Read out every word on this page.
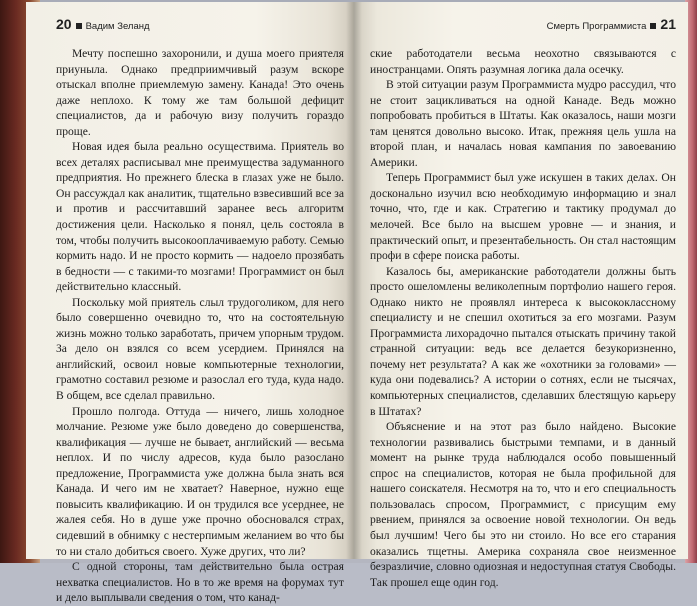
20 Вадим Зеланд

Мечту поспешно захоронили, и душа моего приятеля приуныла. Однако предприимчивый разум вскоре отыскал вполне приемлемую замену. Канада! Это очень даже неплохо. К тому же там большой дефицит специалистов, да и рабочую визу получить гораздо проще.

Новая идея была реально осуществима. Приятель во всех деталях расписывал мне преимущества задуманного предприятия. Но прежнего блеска в глазах уже не было. Он рассуждал как аналитик, тщательно взвесивший все за и против и рассчитавший заранее весь алгоритм достижения цели. Насколько я понял, цель состояла в том, чтобы получить высокооплачиваемую работу. Семью кормить надо. И не просто кормить — надоело прозябать в бедности — с такими-то мозгами! Программист он был действительно классный.

Поскольку мой приятель слыл трудоголиком, для него было совершенно очевидно то, что на состоятельную жизнь можно только заработать, причем упорным трудом. За дело он взялся со всем усердием. Принялся на английский, освоил новые компьютерные технологии, грамотно составил резюме и разослал его туда, куда надо. В общем, все сделал правильно.

Прошло полгода. Оттуда — ничего, лишь холодное молчание. Резюме уже было доведено до совершенства, квалификация — лучше не бывает, английский — весьма неплох. И по числу адресов, куда было разослано предложение, Программиста уже должна была знать вся Канада. И чего им не хватает? Наверное, нужно еще повысить квалификацию. И он трудился все усерднее, не жалея себя. Но в душе уже прочно обосновался страх, сидевший в обнимку с нестерпимым желанием во что бы то ни стало добиться своего. Хуже других, что ли?

С одной стороны, там действительно была острая нехватка специалистов. Но в то же время на форумах тут и дело выплывали сведения о том, что канад-

Смерть Программиста 21

ские работодатели весьма неохотно связываются с иностранцами. Опять разумная логика дала осечку.

В этой ситуации разум Программиста мудро рассудил, что не стоит зацикливаться на одной Канаде. Ведь можно попробовать пробиться в Штаты. Как оказалось, наши мозги там ценятся довольно высоко. Итак, прежняя цель ушла на второй план, и началась новая кампания по завоеванию Америки.

Теперь Программист был уже искушен в таких делах. Он досконально изучил всю необходимую информацию и знал точно, что, где и как. Стратегию и тактику продумал до мелочей. Все было на высшем уровне — и знания, и практический опыт, и презентабельность. Он стал настоящим профи в сфере поиска работы.

Казалось бы, американские работодатели должны быть просто ошеломлены великолепным портфолио нашего героя. Однако никто не проявлял интереса к высококлассному специалисту и не спешил охотиться за его мозгами. Разум Программиста лихорадочно пытался отыскать причину такой странной ситуации: ведь все делается безукоризненно, почему нет результата? А как же «охотники за головами» — куда они подевались? А истории о сотнях, если не тысячах, компьютерных специалистов, сделавших блестящую карьеру в Штатах?

Объяснение и на этот раз было найдено. Высокие технологии развивались быстрыми темпами, и в данный момент на рынке труда наблюдался особо повышенный спрос на специалистов, которая не была профильной для нашего соискателя. Несмотря на то, что и его специальность пользовалась спросом, Программист, с присущим ему рвением, принялся за освоение новой технологии. Он ведь был лучшим! Чего бы это ни стоило. Но все его старания оказались тщетны. Америка сохраняла свое неизменное безразличие, словно одиозная и недоступная статуя Свободы. Так прошел еще один год.
